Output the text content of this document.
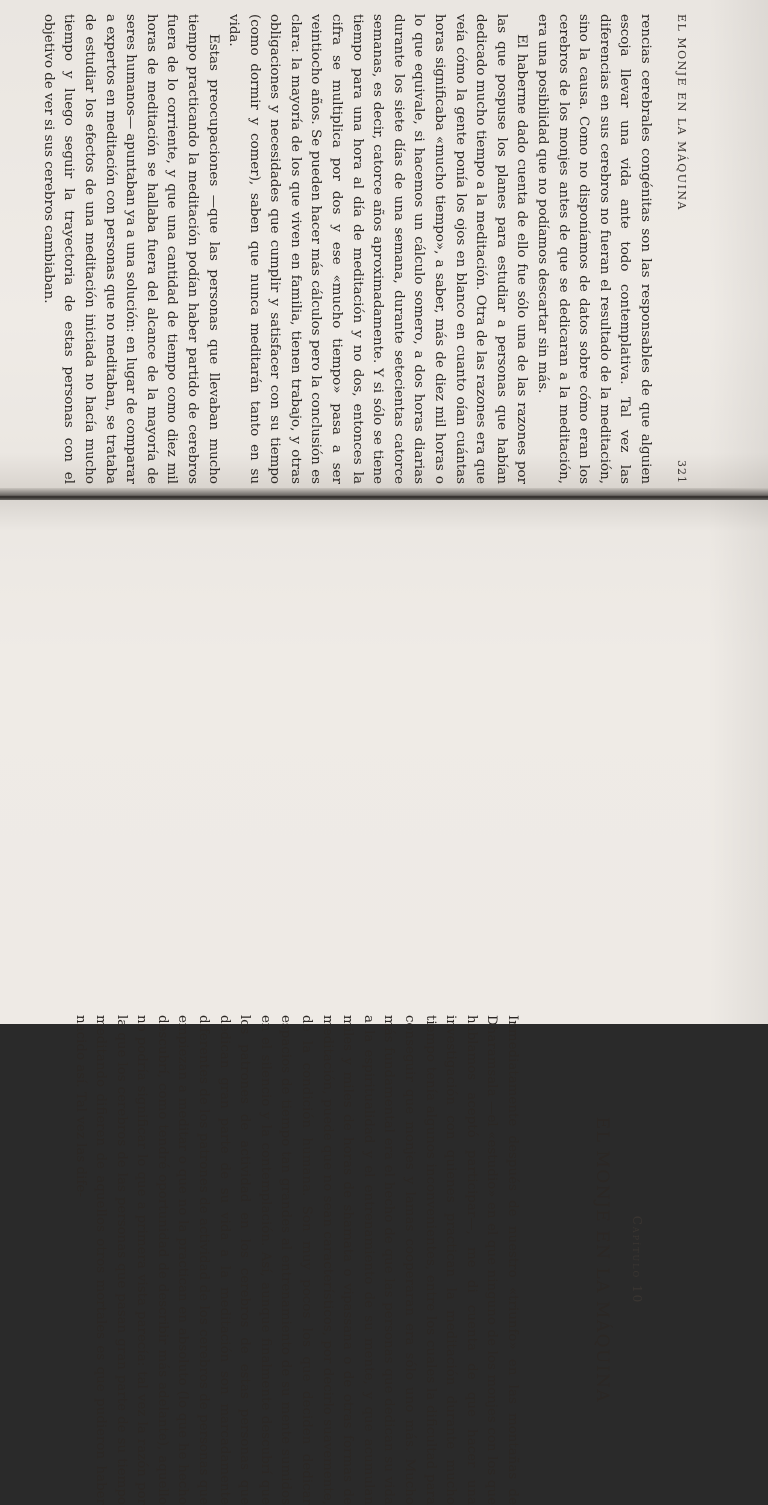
EL MONJE EN LA MÁQUINA
321

rencias cerebrales congénitas son las responsables de que alguien escoja llevar una vida ante todo contemplativa. Tal vez las diferencias en sus cerebros no fueran el resultado de la meditación, sino la causa. Como no disponíamos de datos sobre cómo eran los cerebros de los monjes antes de que se dedicaran a la meditación, era una posibilidad que no podíamos descartar sin más.

El haberme dado cuenta de ello fue sólo una de las razones por las que pospuse los planes para estudiar a personas que habían dedicado mucho tiempo a la meditación. Otra de las razones era que veía cómo la gente ponía los ojos en blanco en cuanto oían cuántas horas significaba «mucho tiempo», a saber, más de diez mil horas o lo que equivale, si hacemos un cálculo somero, a dos horas diarias durante los siete días de una semana, durante setecientas catorce semanas, es decir, catorce años aproximadamente. Y si sólo se tiene tiempo para una hora al día de meditación y no dos, entonces la cifra se multiplica por dos y ese «mucho tiempo» pasa a ser veintiocho años. Se pueden hacer más cálculos pero la conclusión es clara: la mayoría de los que viven en familia, tienen trabajo, y otras obligaciones y necesidades que cumplir y satisfacer con su tiempo (como dormir y comer), saben que nunca meditarán tanto en su vida.

Estas preocupaciones —que las personas que llevaban mucho tiempo practicando la meditación podían haber partido de cerebros fuera de lo corriente, y que una cantidad de tiempo como diez mil horas de meditación se hallaba fuera del alcance de la mayoría de seres humanos— apuntaban ya a una solución: en lugar de comparar a expertos en meditación con personas que no meditaban, se trataba de estudiar los efectos de una meditación iniciada no hacía mucho tiempo y luego seguir la trayectoria de estas personas con el objetivo de ver si sus cerebros cambiaban.

Capítulo 10
EL MONJE EN LA MÁQUINA

Inmediatamente después de nuestro «triunfo» en las montañas de Dharamsala —el «estudio» en el que ninguno de los monjes con los que hablamos aceptó participar—, me di cuenta de que hacer una investigación con quienes practican la meditación durante mucho tiempo tenía algunos inconvenientes, entre los cuales la dificultad para conseguir que monjes y lamas cooperaran era sólo uno más. Mucho más fundamental era el hecho de que las personas que dedican su vida a la espiritualidad y el entrenamiento de su mente, y que acumulan miles y miles de horas de shamata o vipassana o de otras formas de meditación, puede que no sean característicos, por decirlo suavemente, de la condición humana. Son muy pocos los que deciden dedicar espacios de tiempo tan grandes al entrenamiento de su mente sumidos en el silencio y la contemplación. Así, aunque finalmente descubrí que los patrones de actividad en los cerebros de estas personas que dedican gran parte de su vida a la meditación son marcadamente diferentes de los patrones de actividad de los cerebros de personas que empiezan a meditar o que no la practican en absoluto (lo que he hecho descubrí, como tendré oportunidad de describir más adelante), aquello no podría significar lo que a primera vista parecía: tal vez la razón por la que los cerebros de las personas que pasan gran parte de su tiempo meditando difieren de aquellos otros mortales es que pudieron haber nacido así. Tal vez las dife-
